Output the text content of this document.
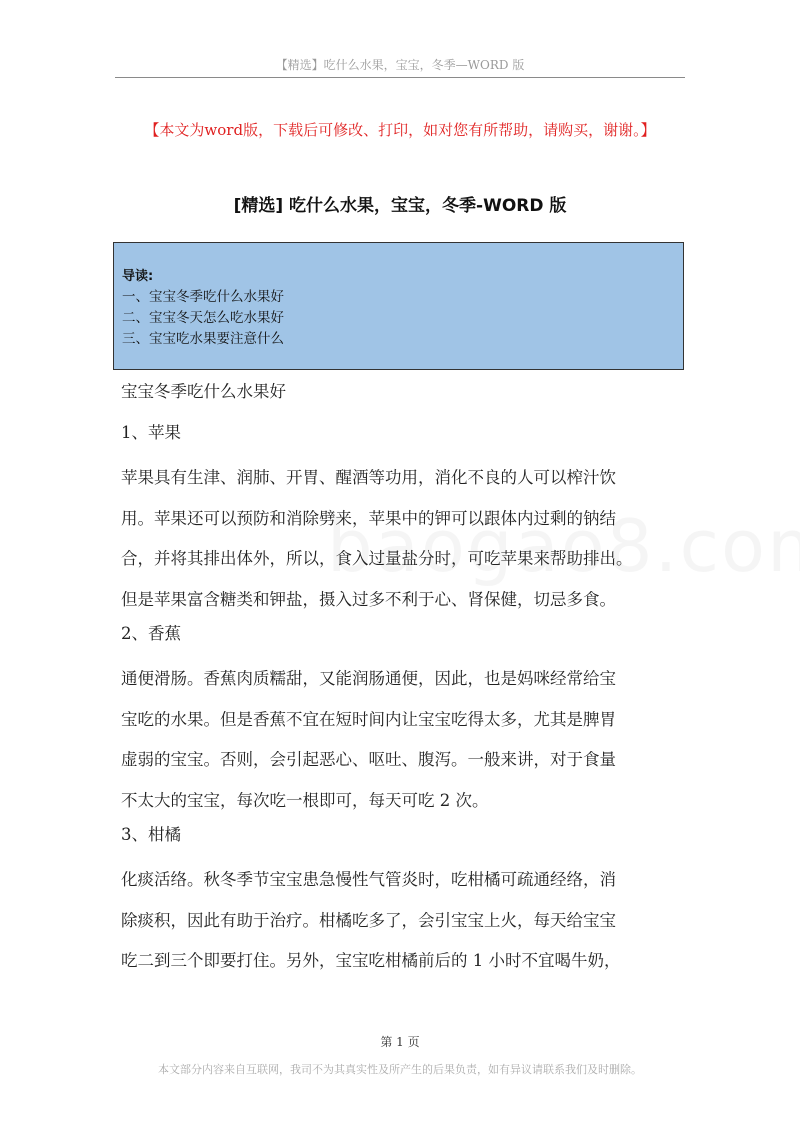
【精选】吃什么水果，宝宝，冬季—WORD 版
【本文为word版，下载后可修改、打印，如对您有所帮助，请购买，谢谢。】
[精选] 吃什么水果，宝宝，冬季-WORD 版
导读:
一、宝宝冬季吃什么水果好
二、宝宝冬天怎么吃水果好
三、宝宝吃水果要注意什么
宝宝冬季吃什么水果好
1、苹果
苹果具有生津、润肺、开胃、醒酒等功用，消化不良的人可以榨汁饮
用。苹果还可以预防和消除劈来，苹果中的钾可以跟体内过剩的钠结
合，并将其排出体外，所以，食入过量盐分时，可吃苹果来帮助排出。
但是苹果富含糖类和钾盐，摄入过多不利于心、肾保健，切忌多食。
2、香蕉
通便滑肠。香蕉肉质糯甜，又能润肠通便，因此，也是妈咪经常给宝
宝吃的水果。但是香蕉不宜在短时间内让宝宝吃得太多，尤其是脾胃
虚弱的宝宝。否则，会引起恶心、呕吐、腹泻。一般来讲，对于食量
不太大的宝宝，每次吃一根即可，每天可吃 2 次。
3、柑橘
化痰活络。秋冬季节宝宝患急慢性气管炎时，吃柑橘可疏通经络，消
除痰积，因此有助于治疗。柑橘吃多了，会引宝宝上火，每天给宝宝
吃二到三个即要打住。另外，宝宝吃柑橘前后的 1 小时不宜喝牛奶，
第 1 页
本文部分内容来自互联网，我司不为其真实性及所产生的后果负责，如有异议请联系我们及时删除。
